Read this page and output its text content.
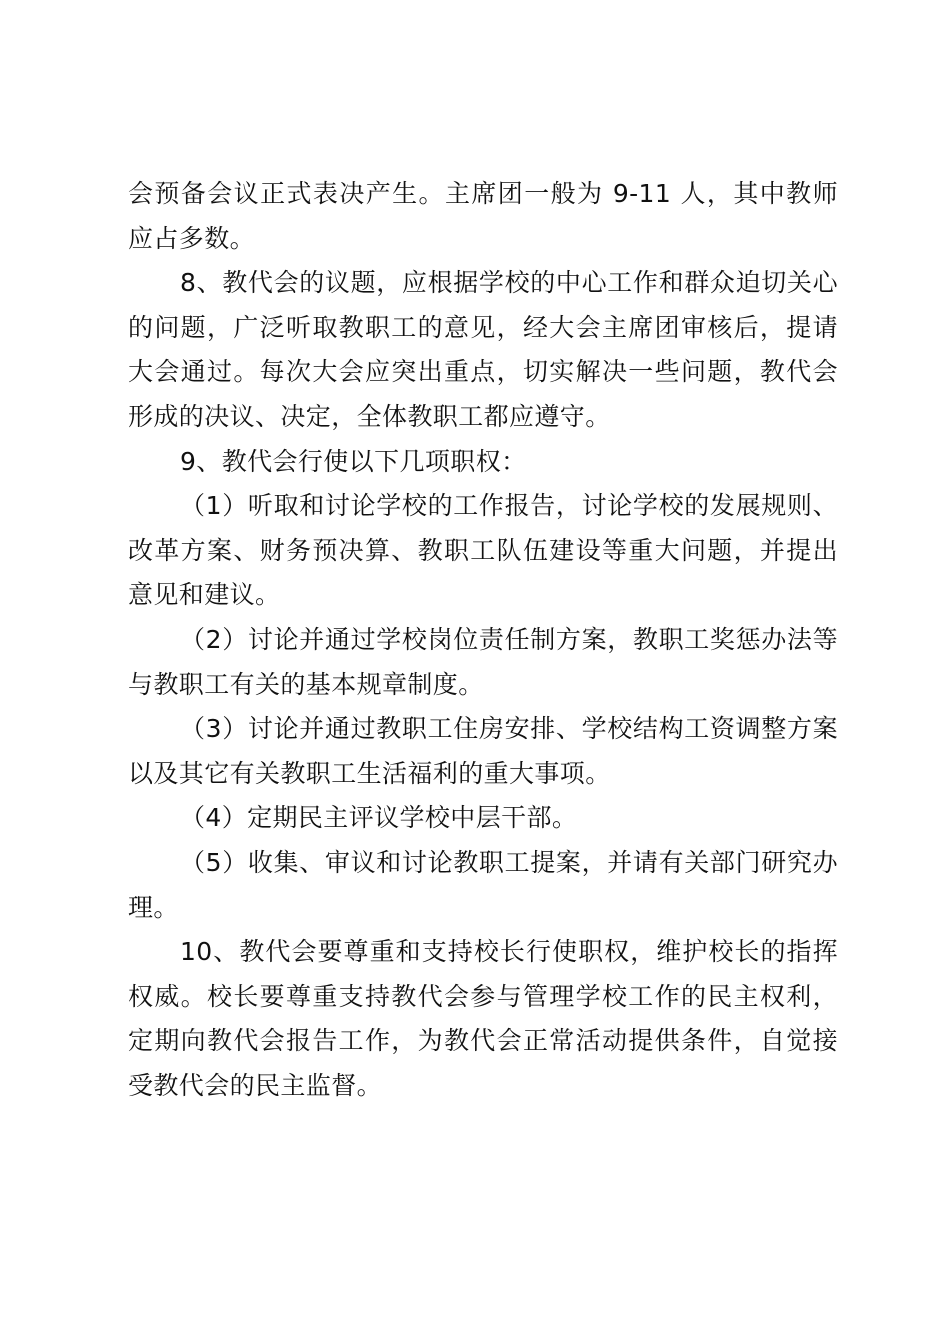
会预备会议正式表决产生。主席团一般为 9-11 人，其中教师应占多数。

8、教代会的议题，应根据学校的中心工作和群众迫切关心的问题，广泛听取教职工的意见，经大会主席团审核后，提请大会通过。每次大会应突出重点，切实解决一些问题，教代会形成的决议、决定，全体教职工都应遵守。

9、教代会行使以下几项职权：

（1）听取和讨论学校的工作报告，讨论学校的发展规则、改革方案、财务预决算、教职工队伍建设等重大问题，并提出意见和建议。

（2）讨论并通过学校岗位责任制方案，教职工奖惩办法等与教职工有关的基本规章制度。

（3）讨论并通过教职工住房安排、学校结构工资调整方案以及其它有关教职工生活福利的重大事项。

（4）定期民主评议学校中层干部。

（5）收集、审议和讨论教职工提案，并请有关部门研究办理。

10、教代会要尊重和支持校长行使职权，维护校长的指挥权威。校长要尊重支持教代会参与管理学校工作的民主权利，定期向教代会报告工作，为教代会正常活动提供条件，自觉接受教代会的民主监督。
